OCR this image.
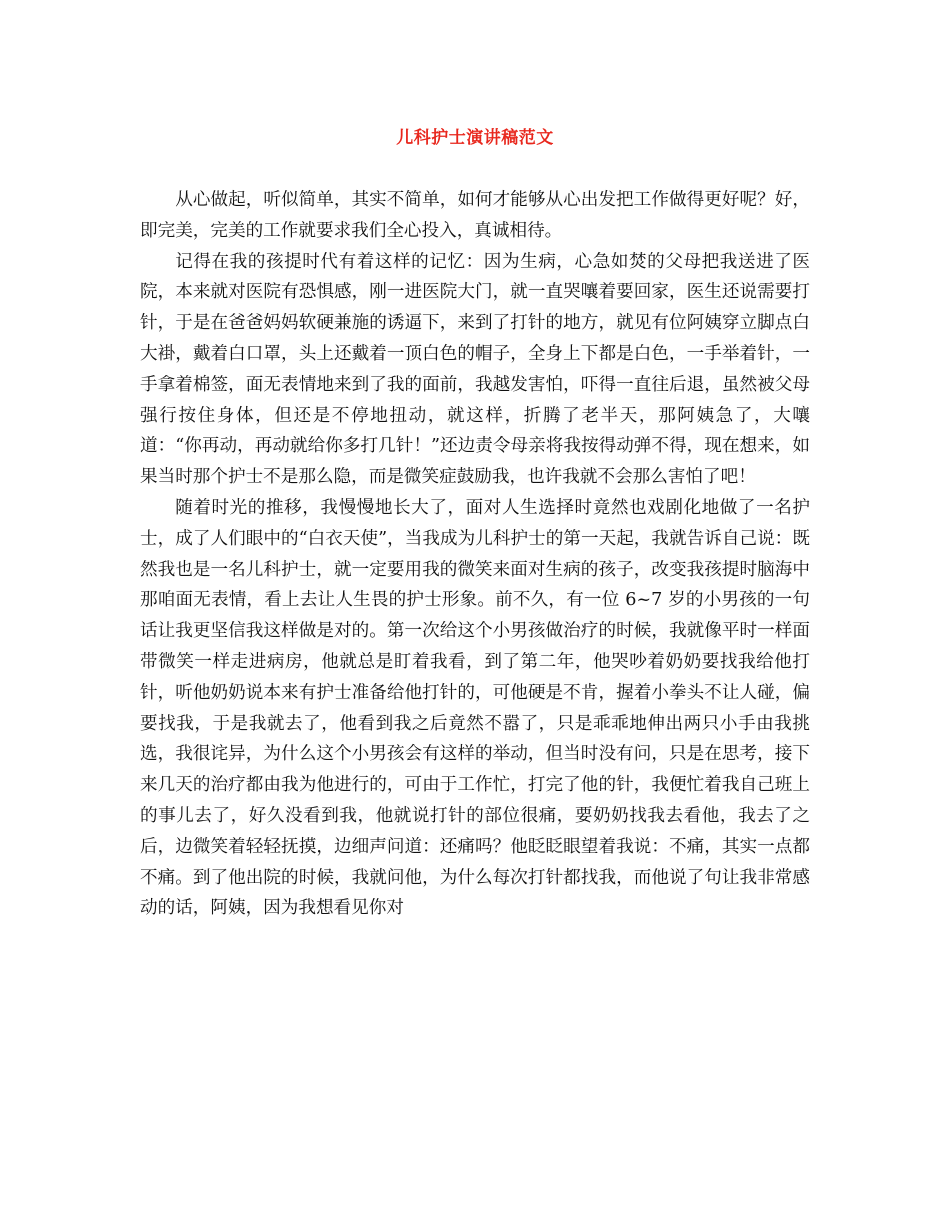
儿科护士演讲稿范文

从心做起，听似简单，其实不简单，如何才能够从心出发把工作做得更好呢？好，即完美，完美的工作就要求我们全心投入，真诚相待。

记得在我的孩提时代有着这样的记忆：因为生病，心急如焚的父母把我送进了医院，本来就对医院有恐惧感，刚一进医院大门，就一直哭嚷着要回家，医生还说需要打针，于是在爸爸妈妈软硬兼施的诱逼下，来到了打针的地方，就见有位阿姨穿立脚点白大褂，戴着白口罩，头上还戴着一顶白色的帽子，全身上下都是白色，一手举着针，一手拿着棉签，面无表情地来到了我的面前，我越发害怕，吓得一直往后退，虽然被父母强行按住身体，但还是不停地扭动，就这样，折腾了老半天，那阿姨急了，大嚷道：“你再动，再动就给你多打几针！”还边责令母亲将我按得动弹不得，现在想来，如果当时那个护士不是那么隐，而是微笑症鼓励我，也许我就不会那么害怕了吧！

随着时光的推移，我慢慢地长大了，面对人生选择时竟然也戏剧化地做了一名护士，成了人们眼中的“白衣天使”，当我成为儿科护士的第一天起，我就告诉自己说：既然我也是一名儿科护士，就一定要用我的微笑来面对生病的孩子，改变我孩提时脑海中那咱面无表情，看上去让人生畏的护士形象。前不久，有一位 6~7 岁的小男孩的一句话让我更坚信我这样做是对的。第一次给这个小男孩做治疗的时候，我就像平时一样面带微笑一样走进病房，他就总是盯着我看，到了第二年，他哭吵着奶奶要找我给他打针，听他奶奶说本来有护士准备给他打针的，可他硬是不肯，握着小拳头不让人碰，偏要找我，于是我就去了，他看到我之后竟然不嚣了，只是乖乖地伸出两只小手由我挑选，我很诧异，为什么这个小男孩会有这样的举动，但当时没有问，只是在思考，接下来几天的治疗都由我为他进行的，可由于工作忙，打完了他的针，我便忙着我自己班上的事儿去了，好久没看到我，他就说打针的部位很痛，要奶奶找我去看他，我去了之后，边微笑着轻轻抚摸，边细声问道：还痛吗？他眨眨眼望着我说：不痛，其实一点都不痛。到了他出院的时候，我就问他，为什么每次打针都找我，而他说了句让我非常感动的话，阿姨，因为我想看见你对
